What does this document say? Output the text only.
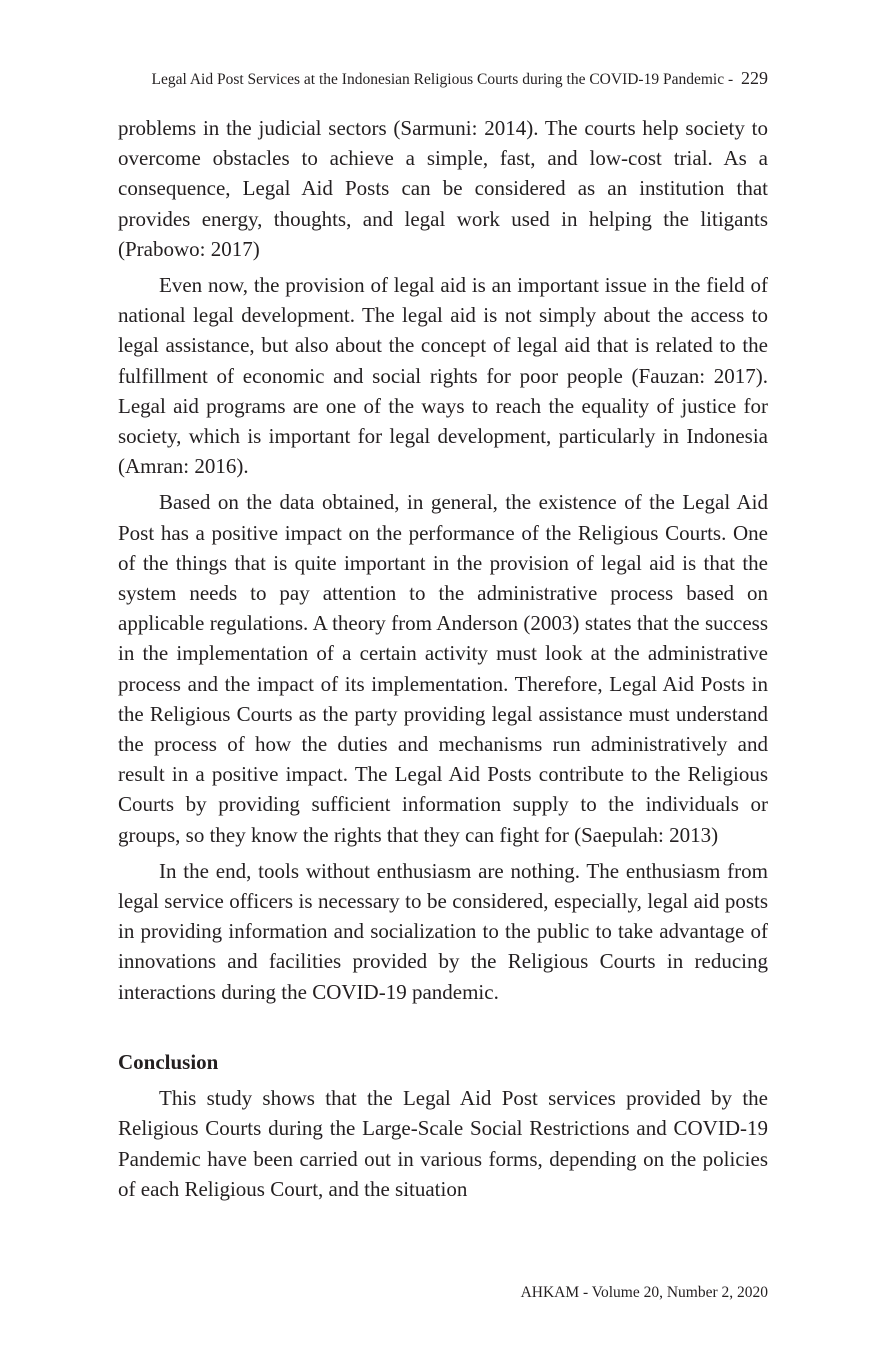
Legal Aid Post Services at the Indonesian Religious Courts during the COVID-19 Pandemic - 229

problems in the judicial sectors (Sarmuni: 2014). The courts help society to overcome obstacles to achieve a simple, fast, and low-cost trial. As a consequence, Legal Aid Posts can be considered as an institution that provides energy, thoughts, and legal work used in helping the litigants (Prabowo: 2017)

Even now, the provision of legal aid is an important issue in the field of national legal development. The legal aid is not simply about the access to legal assistance, but also about the concept of legal aid that is related to the fulfillment of economic and social rights for poor people (Fauzan: 2017). Legal aid programs are one of the ways to reach the equality of justice for society, which is important for legal development, particularly in Indonesia (Amran: 2016).

Based on the data obtained, in general, the existence of the Legal Aid Post has a positive impact on the performance of the Religious Courts. One of the things that is quite important in the provision of legal aid is that the system needs to pay attention to the administrative process based on applicable regulations. A theory from Anderson (2003) states that the success in the implementation of a certain activity must look at the administrative process and the impact of its implementation. Therefore, Legal Aid Posts in the Religious Courts as the party providing legal assistance must understand the process of how the duties and mechanisms run administratively and result in a positive impact. The Legal Aid Posts contribute to the Religious Courts by providing sufficient information supply to the individuals or groups, so they know the rights that they can fight for (Saepulah: 2013)

In the end, tools without enthusiasm are nothing. The enthusiasm from legal service officers is necessary to be considered, especially, legal aid posts in providing information and socialization to the public to take advantage of innovations and facilities provided by the Religious Courts in reducing interactions during the COVID-19 pandemic.

Conclusion

This study shows that the Legal Aid Post services provided by the Religious Courts during the Large-Scale Social Restrictions and COVID-19 Pandemic have been carried out in various forms, depending on the policies of each Religious Court, and the situation

AHKAM - Volume 20, Number 2, 2020
